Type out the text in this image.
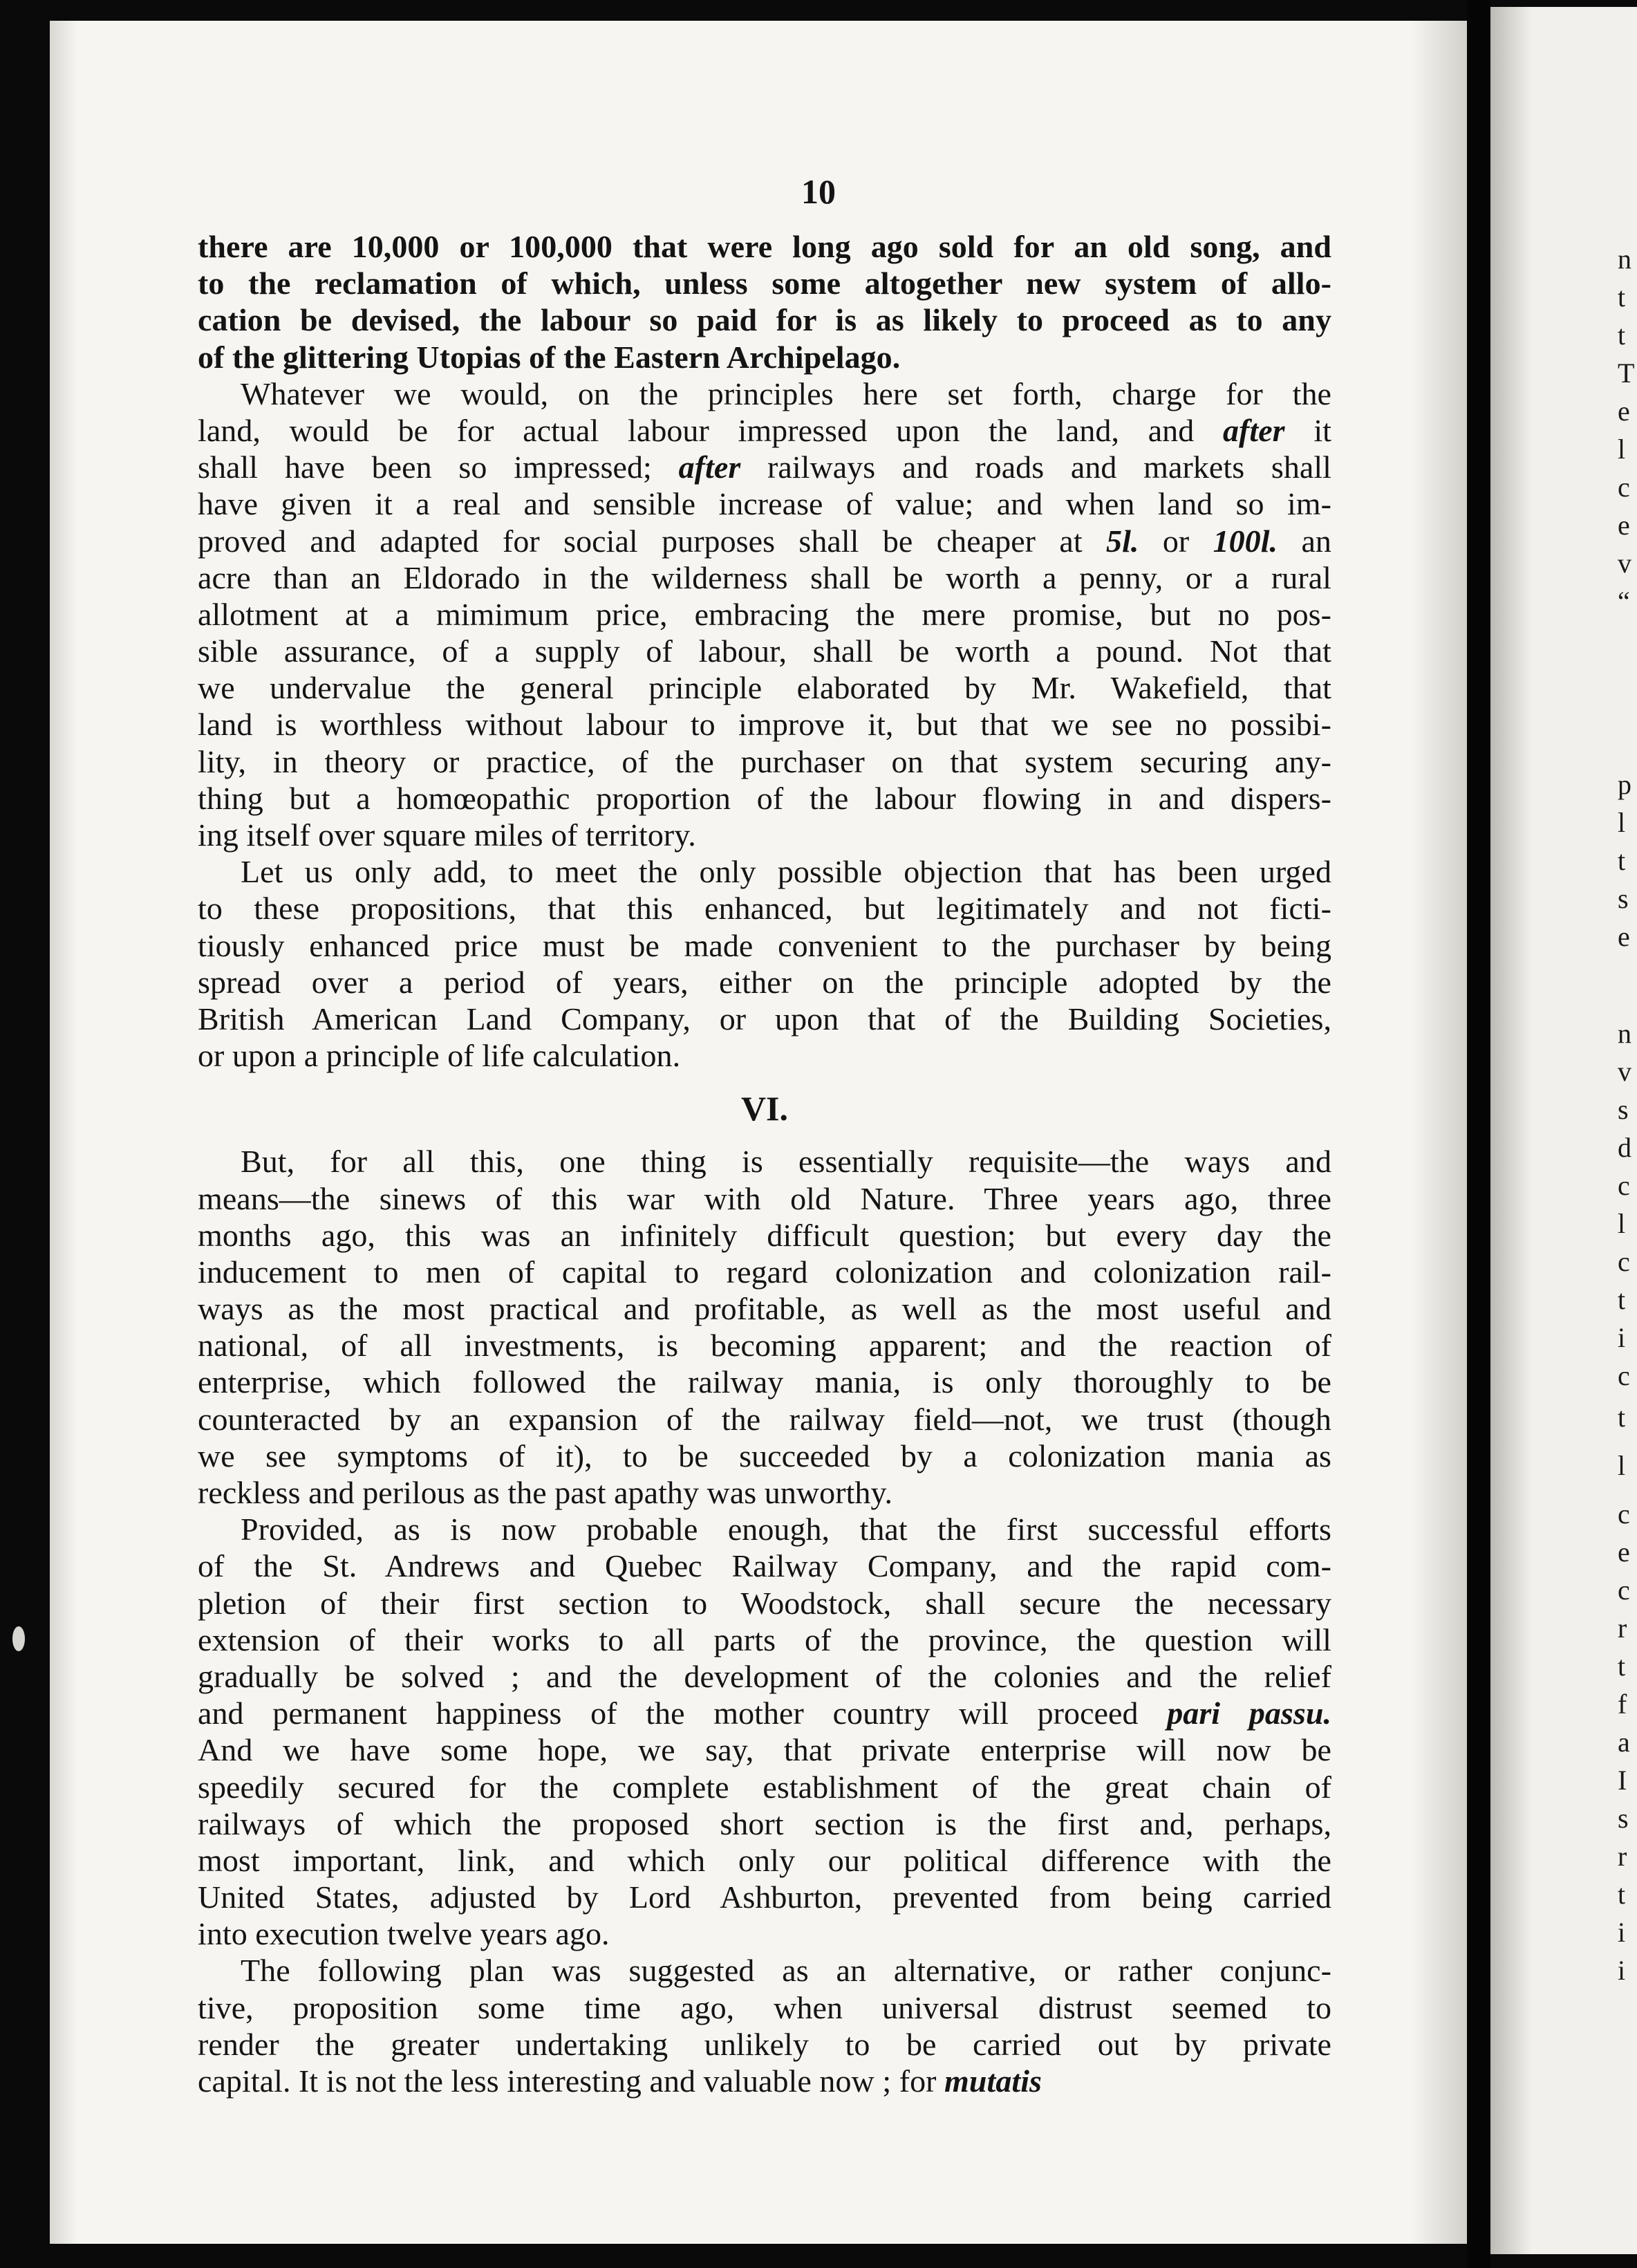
10
there are 10,000 or 100,000 that were long ago sold for an old song, and
to the reclamation of which, unless some altogether new system of allo-
cation be devised, the labour so paid for is as likely to proceed as to any
of the glittering Utopias of the Eastern Archipelago.
Whatever we would, on the principles here set forth, charge for the
land, would be for actual labour impressed upon the land, and after it
shall have been so impressed; after railways and roads and markets shall
have given it a real and sensible increase of value; and when land so im-
proved and adapted for social purposes shall be cheaper at 5l. or 100l. an
acre than an Eldorado in the wilderness shall be worth a penny, or a rural
allotment at a mimimum price, embracing the mere promise, but no pos-
sible assurance, of a supply of labour, shall be worth a pound. Not that
we undervalue the general principle elaborated by Mr. Wakefield, that
land is worthless without labour to improve it, but that we see no possibi-
lity, in theory or practice, of the purchaser on that system securing any-
thing but a homœopathic proportion of the labour flowing in and dispers-
ing itself over square miles of territory.
Let us only add, to meet the only possible objection that has been urged
to these propositions, that this enhanced, but legitimately and not ficti-
tiously enhanced price must be made convenient to the purchaser by being
spread over a period of years, either on the principle adopted by the
British American Land Company, or upon that of the Building Societies,
or upon a principle of life calculation.
VI.
But, for all this, one thing is essentially requisite—the ways and
means—the sinews of this war with old Nature. Three years ago, three
months ago, this was an infinitely difficult question; but every day the
inducement to men of capital to regard colonization and colonization rail-
ways as the most practical and profitable, as well as the most useful and
national, of all investments, is becoming apparent; and the reaction of
enterprise, which followed the railway mania, is only thoroughly to be
counteracted by an expansion of the railway field—not, we trust (though
we see symptoms of it), to be succeeded by a colonization mania as
reckless and perilous as the past apathy was unworthy.
Provided, as is now probable enough, that the first successful efforts
of the St. Andrews and Quebec Railway Company, and the rapid com-
pletion of their first section to Woodstock, shall secure the necessary
extension of their works to all parts of the province, the question will
gradually be solved ; and the development of the colonies and the relief
and permanent happiness of the mother country will proceed pari passu.
And we have some hope, we say, that private enterprise will now be
speedily secured for the complete establishment of the great chain of
railways of which the proposed short section is the first and, perhaps,
most important, link, and which only our political difference with the
United States, adjusted by Lord Ashburton, prevented from being carried
into execution twelve years ago.
The following plan was suggested as an alternative, or rather conjunc-
tive, proposition some time ago, when universal distrust seemed to
render the greater undertaking unlikely to be carried out by private
capital. It is not the less interesting and valuable now ; for mutatis
n
t
t
T
e
l
c
e
v
“
p
l
t
s
e
n
v
s
d
c
l
c
t
i
c
t
l
c
e
c
r
t
f
a
I
s
r
t
i
i
